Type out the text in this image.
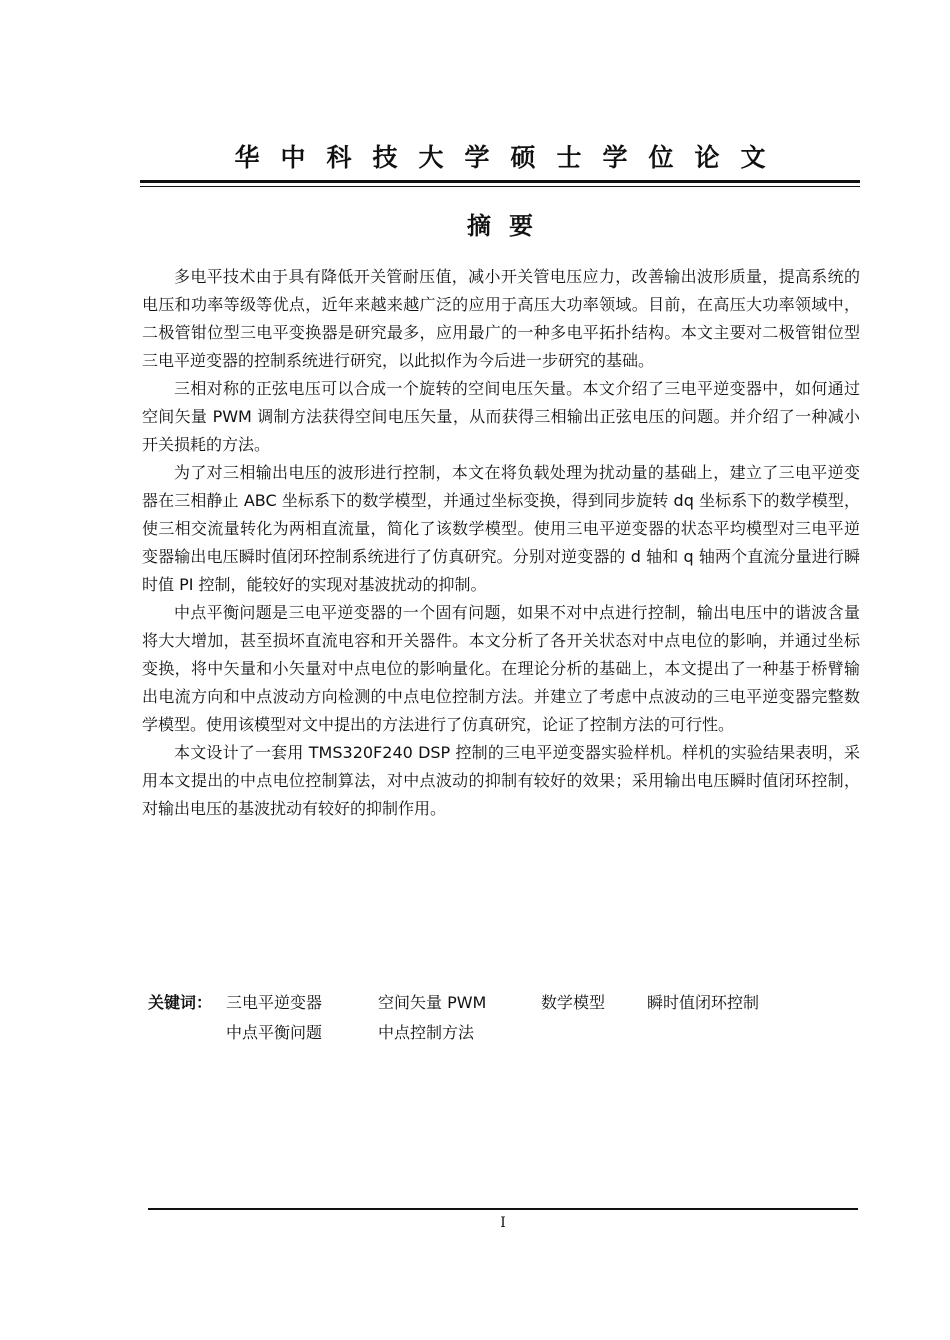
华中科技大学硕士学位论文
摘要

多电平技术由于具有降低开关管耐压值，减小开关管电压应力，改善输出波形质量，提高系统的电压和功率等级等优点，近年来越来越广泛的应用于高压大功率领域。目前，在高压大功率领域中，二极管钳位型三电平变换器是研究最多，应用最广的一种多电平拓扑结构。本文主要对二极管钳位型三电平逆变器的控制系统进行研究，以此拟作为今后进一步研究的基础。

三相对称的正弦电压可以合成一个旋转的空间电压矢量。本文介绍了三电平逆变器中，如何通过空间矢量 PWM 调制方法获得空间电压矢量，从而获得三相输出正弦电压的问题。并介绍了一种减小开关损耗的方法。

为了对三相输出电压的波形进行控制，本文在将负载处理为扰动量的基础上，建立了三电平逆变器在三相静止 ABC 坐标系下的数学模型，并通过坐标变换，得到同步旋转 dq 坐标系下的数学模型，使三相交流量转化为两相直流量，简化了该数学模型。使用三电平逆变器的状态平均模型对三电平逆变器输出电压瞬时值闭环控制系统进行了仿真研究。分别对逆变器的 d 轴和 q 轴两个直流分量进行瞬时值 PI 控制，能较好的实现对基波扰动的抑制。

中点平衡问题是三电平逆变器的一个固有问题，如果不对中点进行控制，输出电压中的谐波含量将大大增加，甚至损坏直流电容和开关器件。本文分析了各开关状态对中点电位的影响，并通过坐标变换，将中矢量和小矢量对中点电位的影响量化。在理论分析的基础上，本文提出了一种基于桥臂输出电流方向和中点波动方向检测的中点电位控制方法。并建立了考虑中点波动的三电平逆变器完整数学模型。使用该模型对文中提出的方法进行了仿真研究，论证了控制方法的可行性。

本文设计了一套用 TMS320F240 DSP 控制的三电平逆变器实验样机。样机的实验结果表明，采用本文提出的中点电位控制算法，对中点波动的抑制有较好的效果；采用输出电压瞬时值闭环控制，对输出电压的基波扰动有较好的抑制作用。

关键词： 三电平逆变器	空间矢量 PWM	数学模型	瞬时值闭环控制
中点平衡问题	中点控制方法
I
